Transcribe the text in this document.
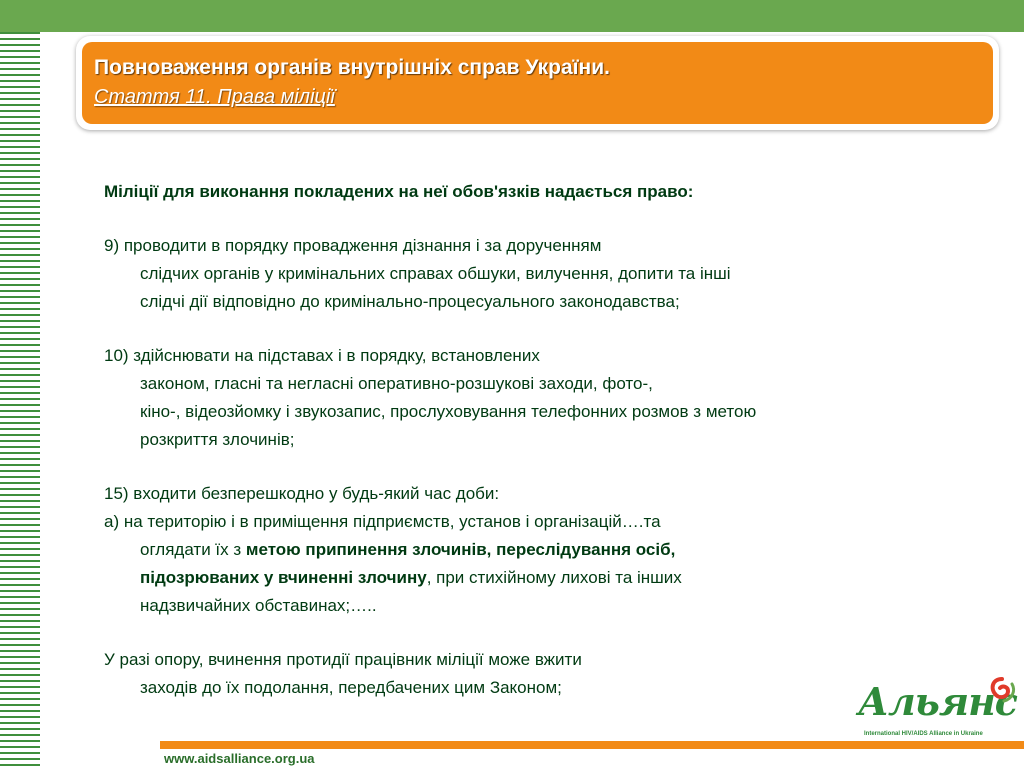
Повноваження органів внутрішніх справ України.
Стаття 11. Права міліції
Міліції для виконання покладених на неї обов'язків надається право:
9) проводити в порядку провадження дізнання і за дорученням
слідчих органів у кримінальних справах обшуки, вилучення, допити та інші
слідчі дії відповідно до кримінально-процесуального законодавства;
10) здійснювати на підставах і в порядку, встановлених
законом, гласні та негласні оперативно-розшукові заходи, фото-,
кіно-, відеозйомку і звукозапис, прослуховування телефонних розмов з метою
розкриття злочинів;
15) входити безперешкодно у будь-який час доби:
а) на територію і в приміщення підприємств, установ і організацій….та
оглядати їх з метою припинення злочинів, переслідування осіб,
підозрюваних у вчиненні злочину, при стихійному лихові та інших
надзвичайних обставинах;…..
У разі опору, вчинення протидії працівник міліції може вжити
заходів до їх подолання, передбачених цим Законом;	Альянс
International HIV/AIDS Alliance in Ukraine
www.aidsalliance.org.ua
